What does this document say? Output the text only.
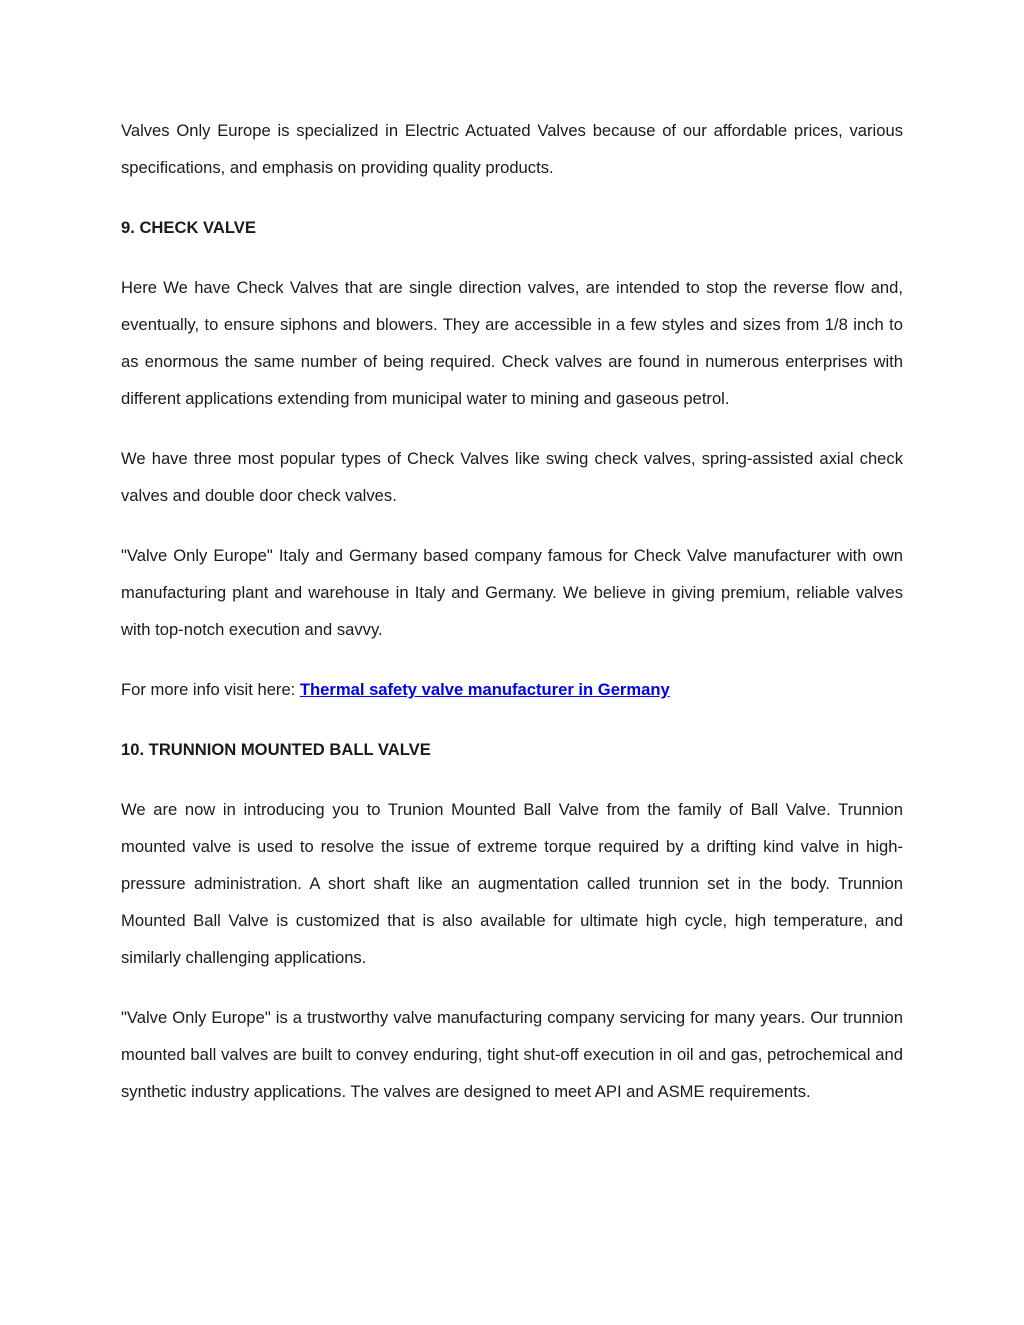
Valves Only Europe is specialized in Electric Actuated Valves because of our affordable prices, various specifications, and emphasis on providing quality products.

9. CHECK VALVE

Here We have Check Valves that are single direction valves, are intended to stop the reverse flow and, eventually, to ensure siphons and blowers. They are accessible in a few styles and sizes from 1/8 inch to as enormous the same number of being required. Check valves are found in numerous enterprises with different applications extending from municipal water to mining and gaseous petrol.

We have three most popular types of Check Valves like swing check valves, spring-assisted axial check valves and double door check valves.

"Valve Only Europe" Italy and Germany based company famous for Check Valve manufacturer with own manufacturing plant and warehouse in Italy and Germany. We believe in giving premium, reliable valves with top-notch execution and savvy.

For more info visit here: Thermal safety valve manufacturer in Germany

10. TRUNNION MOUNTED BALL VALVE

We are now in introducing you to Trunion Mounted Ball Valve from the family of Ball Valve. Trunnion mounted valve is used to resolve the issue of extreme torque required by a drifting kind valve in high-pressure administration. A short shaft like an augmentation called trunnion set in the body. Trunnion Mounted Ball Valve is customized that is also available for ultimate high cycle, high temperature, and similarly challenging applications.

"Valve Only Europe" is a trustworthy valve manufacturing company servicing for many years. Our trunnion mounted ball valves are built to convey enduring, tight shut-off execution in oil and gas, petrochemical and synthetic industry applications. The valves are designed to meet API and ASME requirements.
